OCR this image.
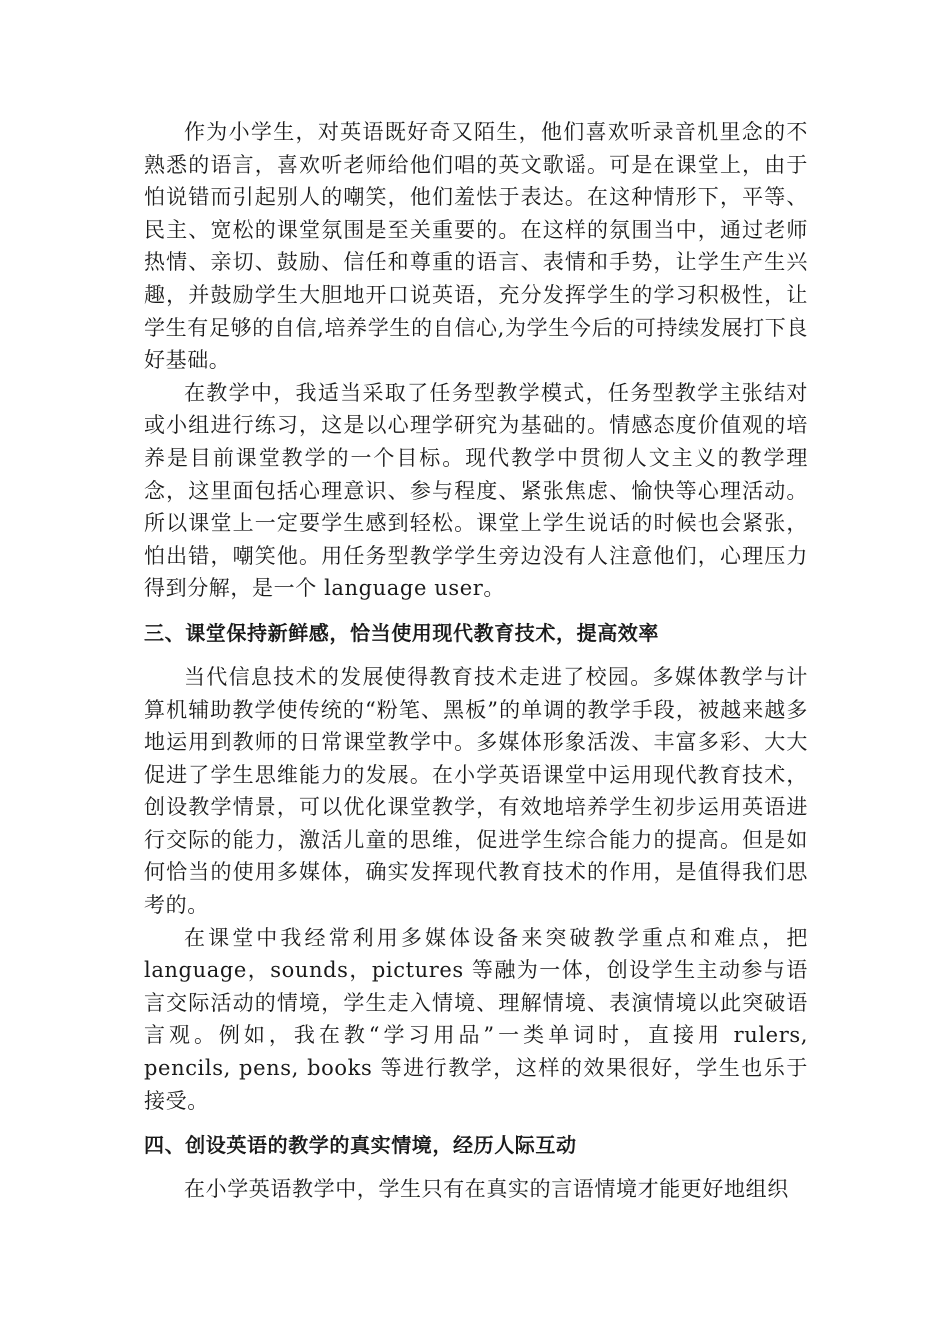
作为小学生，对英语既好奇又陌生，他们喜欢听录音机里念的不熟悉的语言，喜欢听老师给他们唱的英文歌谣。可是在课堂上，由于怕说错而引起别人的嘲笑，他们羞怯于表达。在这种情形下，平等、民主、宽松的课堂氛围是至关重要的。在这样的氛围当中，通过老师热情、亲切、鼓励、信任和尊重的语言、表情和手势，让学生产生兴趣，并鼓励学生大胆地开口说英语，充分发挥学生的学习积极性，让学生有足够的自信,培养学生的自信心,为学生今后的可持续发展打下良好基础。

在教学中，我适当采取了任务型教学模式，任务型教学主张结对或小组进行练习，这是以心理学研究为基础的。情感态度价值观的培养是目前课堂教学的一个目标。现代教学中贯彻人文主义的教学理念，这里面包括心理意识、参与程度、紧张焦虑、愉快等心理活动。所以课堂上一定要学生感到轻松。课堂上学生说话的时候也会紧张，怕出错，嘲笑他。用任务型教学学生旁边没有人注意他们，心理压力得到分解，是一个 language user。

三、课堂保持新鲜感，恰当使用现代教育技术，提高效率

当代信息技术的发展使得教育技术走进了校园。多媒体教学与计算机辅助教学使传统的“粉笔、黑板”的单调的教学手段，被越来越多地运用到教师的日常课堂教学中。多媒体形象活泼、丰富多彩、大大促进了学生思维能力的发展。在小学英语课堂中运用现代教育技术，创设教学情景，可以优化课堂教学，有效地培养学生初步运用英语进行交际的能力，激活儿童的思维，促进学生综合能力的提高。但是如何恰当的使用多媒体，确实发挥现代教育技术的作用，是值得我们思考的。

在课堂中我经常利用多媒体设备来突破教学重点和难点，把 language，sounds，pictures 等融为一体，创设学生主动参与语言交际活动的情境，学生走入情境、理解情境、表演情境以此突破语言观。例如，我在教“学习用品”一类单词时，直接用 rulers, pencils, pens, books 等进行教学，这样的效果很好，学生也乐于接受。

四、创设英语的教学的真实情境，经历人际互动

在小学英语教学中，学生只有在真实的言语情境才能更好地组织
